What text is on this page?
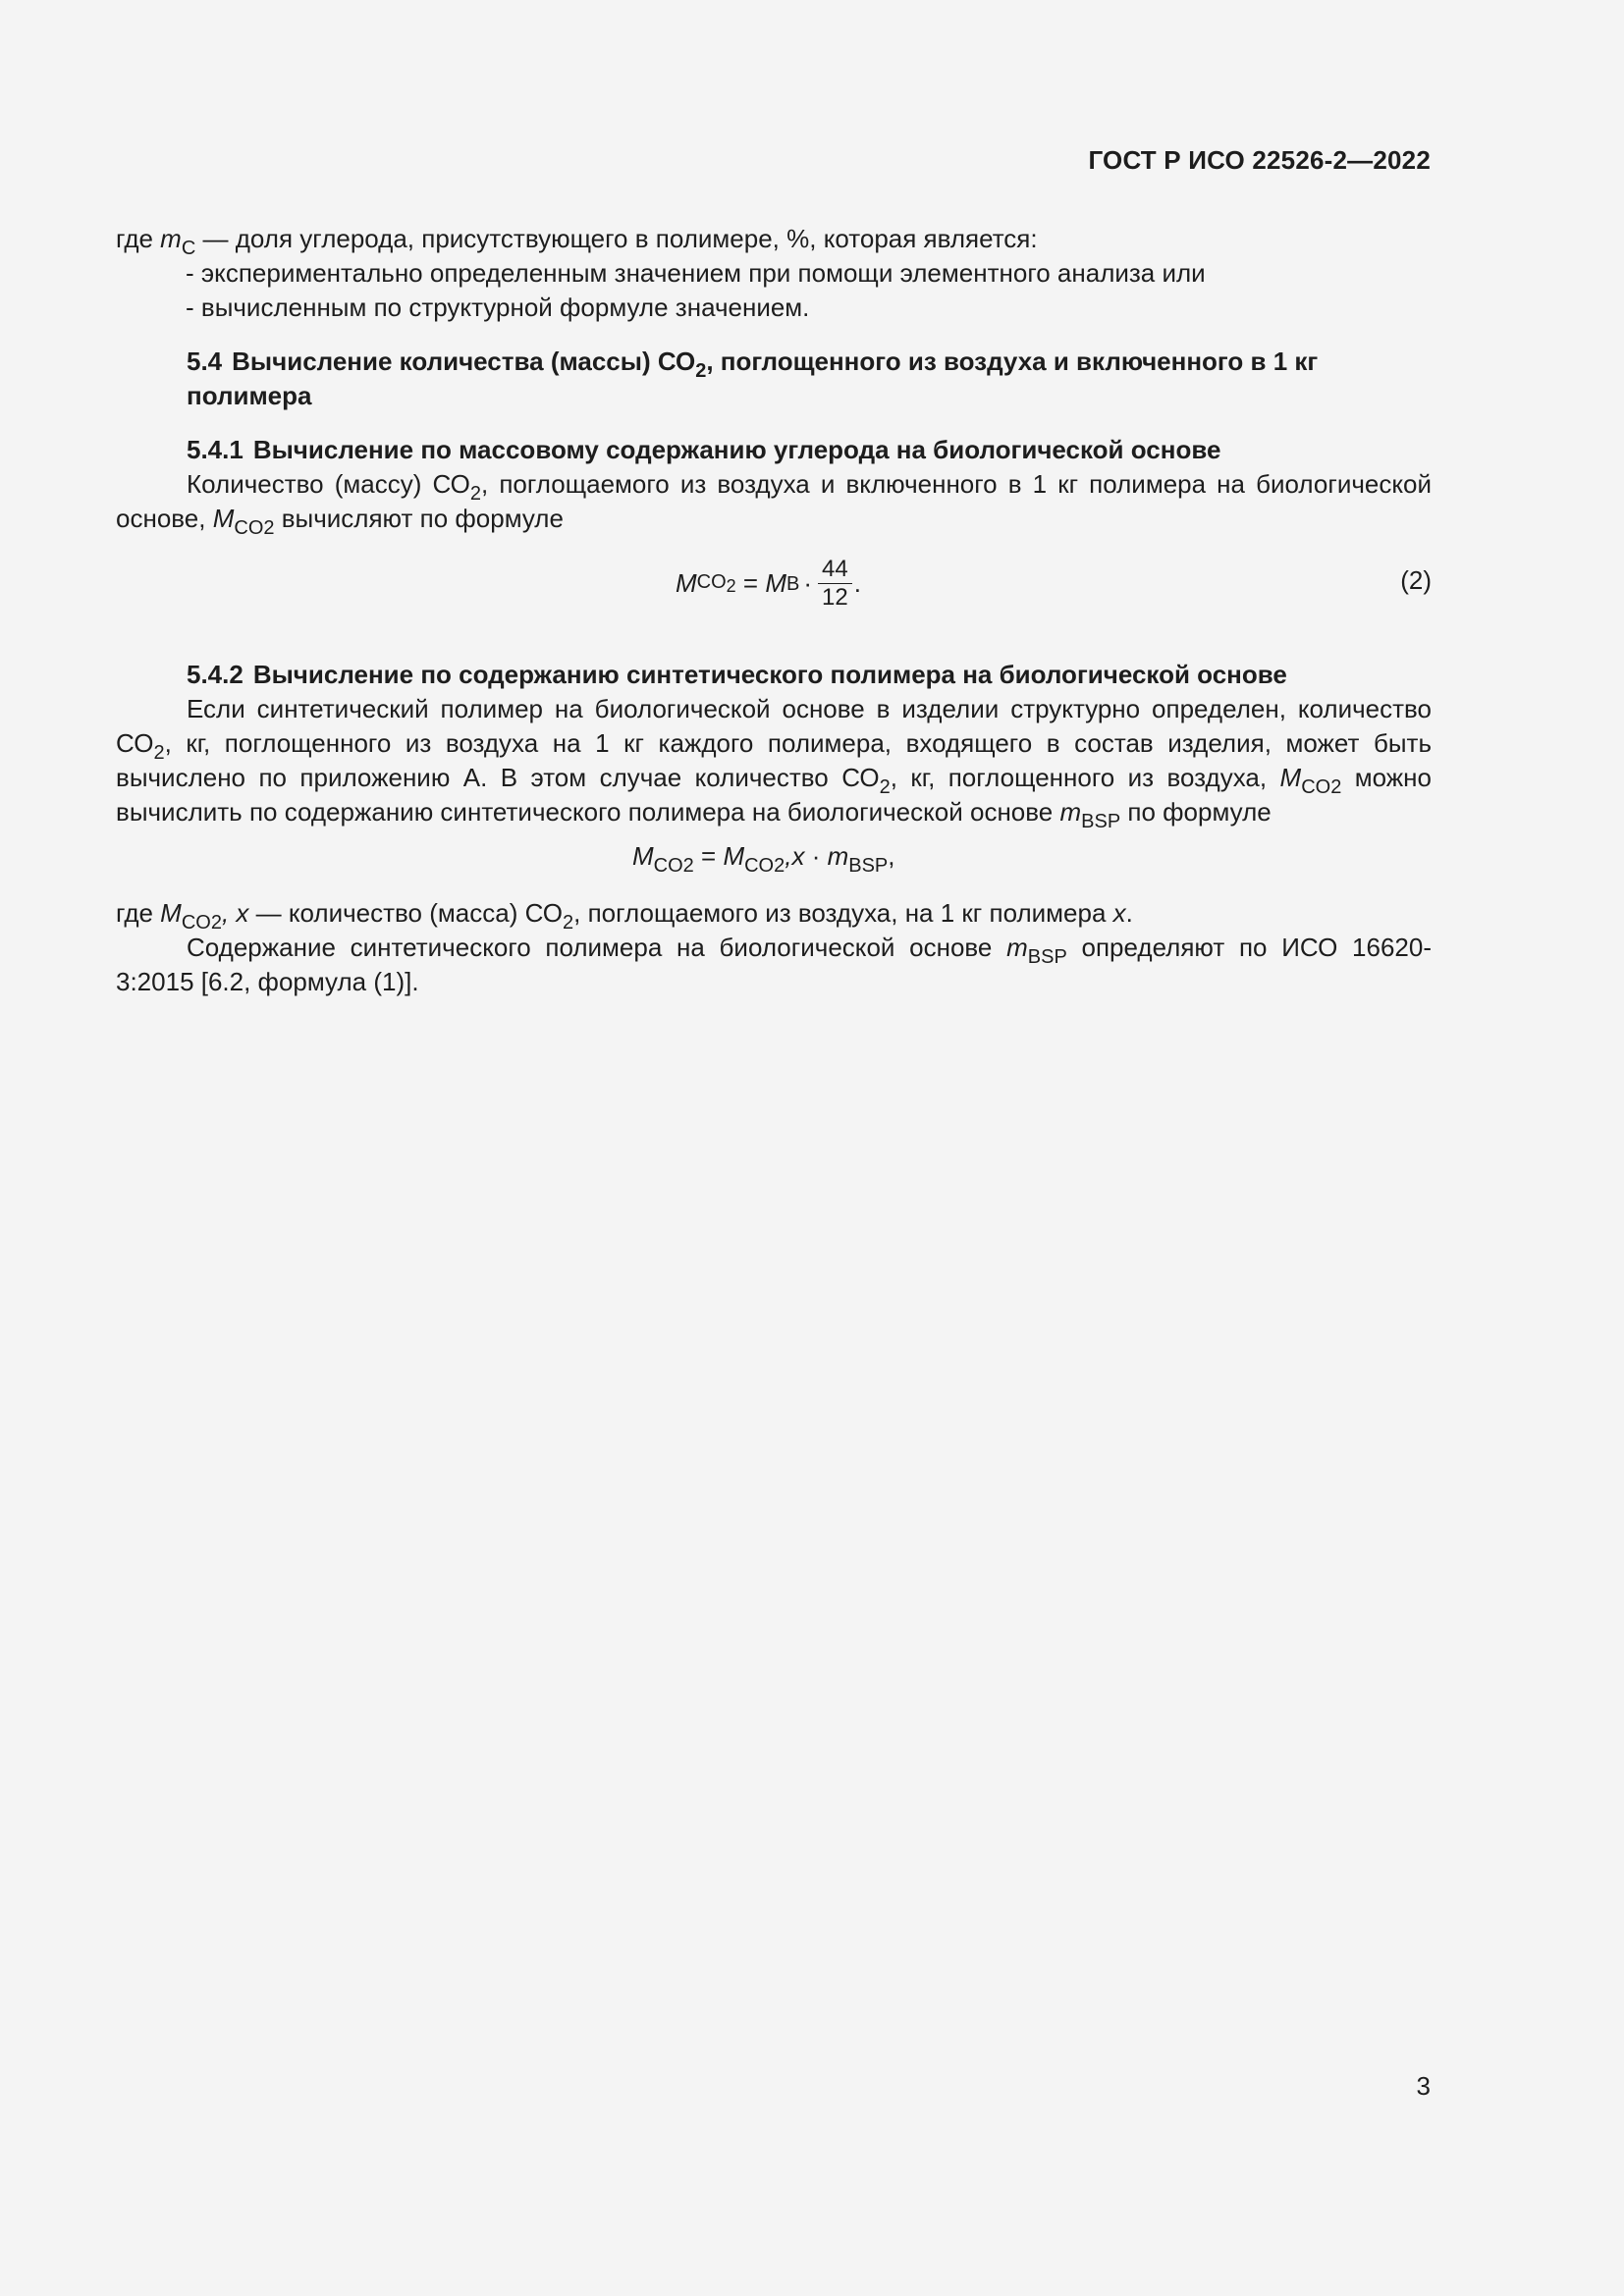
ГОСТ Р ИСО 22526-2—2022

где $m_C$ — доля углерода, присутствующего в полимере, %, которая является:

- экспериментально определенным значением при помощи элементного анализа или

- вычисленным по структурной формуле значением.

5.4 Вычисление количества (массы) $СО_2$, поглощенного из воздуха и включенного в 1 кг полимера

5.4.1 Вычисление по массовому содержанию углерода на биологической основе

Количество (массу) $СО_2$, поглощаемого из воздуха и включенного в 1 кг полимера на биологической основе, $M_{CO2}$ вычисляют по формуле

M $CO_2 = M$ $B \cdot \frac{44}{12}$ .	(2)

5.4.2 Вычисление по содержанию синтетического полимера на биологической основе

Если синтетический полимер на биологической основе в изделии структурно определен, количество $СО_2$, кг, поглощенного из воздуха на 1 кг каждого полимера, входящего в состав изделия, может быть вычислено по приложению А. В этом случае количество $СО_2$, кг, поглощенного из воздуха, $M_{CO2}$ можно вычислить по содержанию синтетического полимера на биологической основе $m_{BSP}$ по формуле

$M_{CO2} = M_{CO2},x \cdot m_{BSP}$,

где $M_{CO2}$, x — количество (масса) $СО_2$, поглощаемого из воздуха, на 1 кг полимера x.

Содержание синтетического полимера на биологической основе $m_{BSP}$ определяют по ИСО 16620-3:2015 [6.2, формула (1)].

3
